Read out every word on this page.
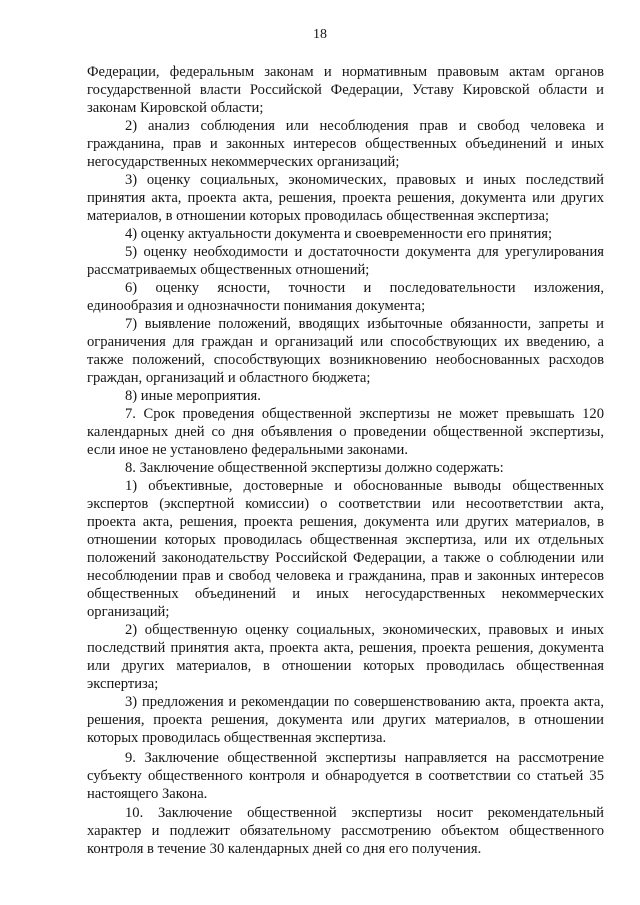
18

Федерации, федеральным законам и нормативным правовым актам органов государственной власти Российской Федерации, Уставу Кировской области и законам Кировской области;

2) анализ соблюдения или несоблюдения прав и свобод человека и гражданина, прав и законных интересов общественных объединений и иных негосударственных некоммерческих организаций;

3) оценку социальных, экономических, правовых и иных последствий принятия акта, проекта акта, решения, проекта решения, документа или других материалов, в отношении которых проводилась общественная экспертиза;

4) оценку актуальности документа и своевременности его принятия;

5) оценку необходимости и достаточности документа для урегулирования рассматриваемых общественных отношений;

6) оценку ясности, точности и последовательности изложения, единообразия и однозначности понимания документа;

7) выявление положений, вводящих избыточные обязанности, запреты и ограничения для граждан и организаций или способствующих их введению, а также положений, способствующих возникновению необоснованных расходов граждан, организаций и областного бюджета;

8) иные мероприятия.

7. Срок проведения общественной экспертизы не может превышать 120 календарных дней со дня объявления о проведении общественной экспертизы, если иное не установлено федеральными законами.

8. Заключение общественной экспертизы должно содержать:

1) объективные, достоверные и обоснованные выводы общественных экспертов (экспертной комиссии) о соответствии или несоответствии акта, проекта акта, решения, проекта решения, документа или других материалов, в отношении которых проводилась общественная экспертиза, или их отдельных положений законодательству Российской Федерации, а также о соблюдении или несоблюдении прав и свобод человека и гражданина, прав и законных интересов общественных объединений и иных негосударственных некоммерческих организаций;

2) общественную оценку социальных, экономических, правовых и иных последствий принятия акта, проекта акта, решения, проекта решения, документа или других материалов, в отношении которых проводилась общественная экспертиза;

3) предложения и рекомендации по совершенствованию акта, проекта акта, решения, проекта решения, документа или других материалов, в отношении которых проводилась общественная экспертиза.

9. Заключение общественной экспертизы направляется на рассмотрение субъекту общественного контроля и обнародуется в соответствии со статьей 35 настоящего Закона.

10. Заключение общественной экспертизы носит рекомендательный характер и подлежит обязательному рассмотрению объектом общественного контроля в течение 30 календарных дней со дня его получения.
